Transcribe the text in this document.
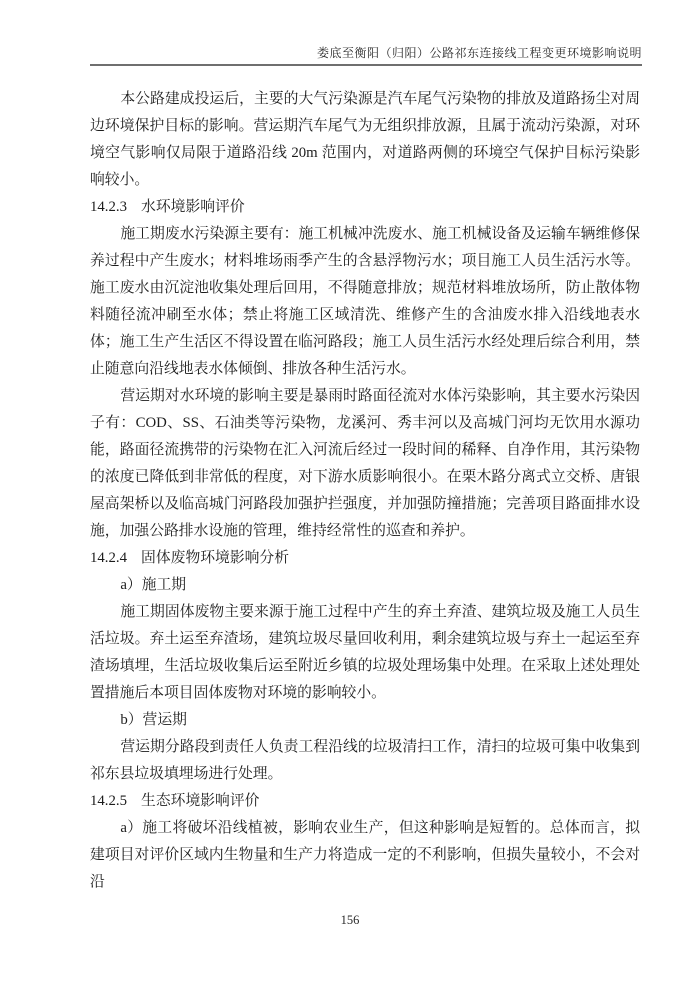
娄底至衡阳（归阳）公路祁东连接线工程变更环境影响说明

本公路建成投运后，主要的大气污染源是汽车尾气污染物的排放及道路扬尘对周边环境保护目标的影响。营运期汽车尾气为无组织排放源，且属于流动污染源，对环境空气影响仅局限于道路沿线 20m 范围内，对道路两侧的环境空气保护目标污染影响较小。

14.2.3 水环境影响评价

施工期废水污染源主要有：施工机械冲洗废水、施工机械设备及运输车辆维修保养过程中产生废水；材料堆场雨季产生的含悬浮物污水；项目施工人员生活污水等。施工废水由沉淀池收集处理后回用，不得随意排放；规范材料堆放场所，防止散体物料随径流冲刷至水体；禁止将施工区域清洗、维修产生的含油废水排入沿线地表水体；施工生产生活区不得设置在临河路段；施工人员生活污水经处理后综合利用，禁止随意向沿线地表水体倾倒、排放各种生活污水。

营运期对水环境的影响主要是暴雨时路面径流对水体污染影响，其主要水污染因子有：COD、SS、石油类等污染物，龙溪河、秀丰河以及高城门河均无饮用水源功能，路面径流携带的污染物在汇入河流后经过一段时间的稀释、自净作用，其污染物的浓度已降低到非常低的程度，对下游水质影响很小。在栗木路分离式立交桥、唐银屋高架桥以及临高城门河路段加强护拦强度，并加强防撞措施；完善项目路面排水设施，加强公路排水设施的管理，维持经常性的巡查和养护。

14.2.4 固体废物环境影响分析

a）施工期

施工期固体废物主要来源于施工过程中产生的弃土弃渣、建筑垃圾及施工人员生活垃圾。弃土运至弃渣场，建筑垃圾尽量回收利用，剩余建筑垃圾与弃土一起运至弃渣场填埋，生活垃圾收集后运至附近乡镇的垃圾处理场集中处理。在采取上述处理处置措施后本项目固体废物对环境的影响较小。

b）营运期

营运期分路段到责任人负责工程沿线的垃圾清扫工作，清扫的垃圾可集中收集到祁东县垃圾填埋场进行处理。

14.2.5 生态环境影响评价

a）施工将破坏沿线植被，影响农业生产，但这种影响是短暂的。总体而言，拟建项目对评价区域内生物量和生产力将造成一定的不利影响，但损失量较小，不会对沿

156
